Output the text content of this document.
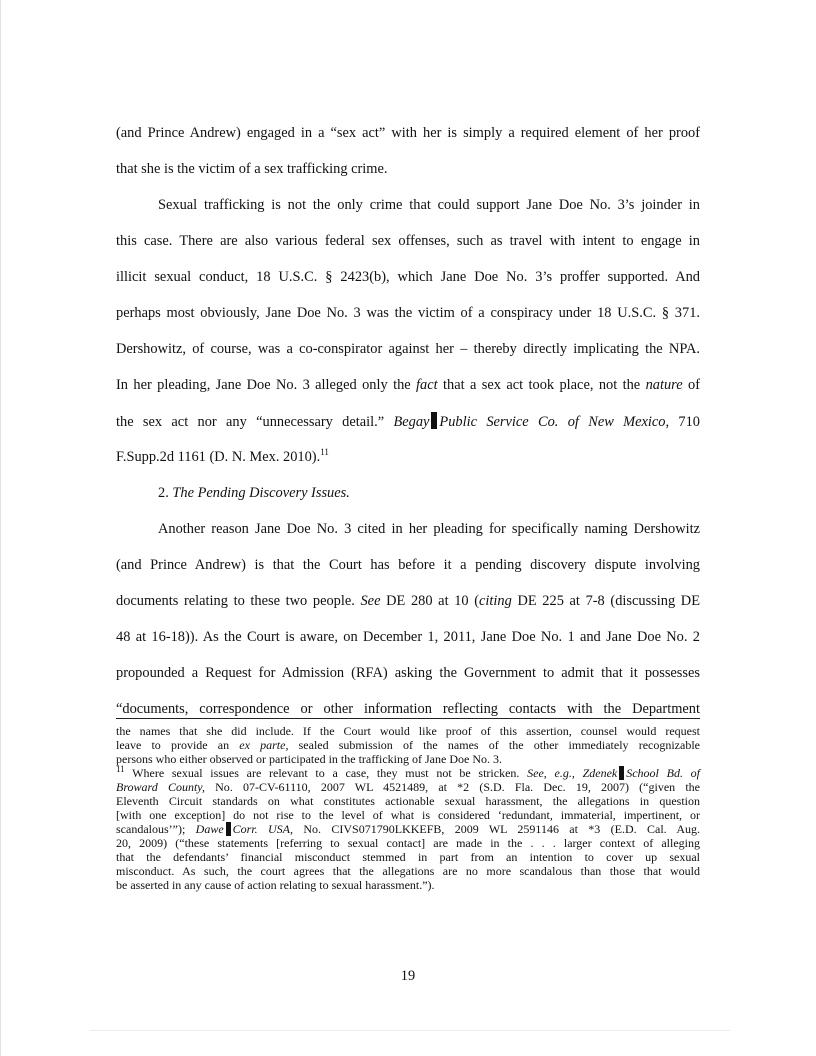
(and Prince Andrew) engaged in a “sex act” with her is simply a required element of her proof
that she is the victim of a sex trafficking crime.
Sexual trafficking is not the only crime that could support Jane Doe No. 3’s joinder in
this case. There are also various federal sex offenses, such as travel with intent to engage in
illicit sexual conduct, 18 U.S.C. § 2423(b), which Jane Doe No. 3’s proffer supported. And
perhaps most obviously, Jane Doe No. 3 was the victim of a conspiracy under 18 U.S.C. § 371.
Dershowitz, of course, was a co-conspirator against her – thereby directly implicating the NPA.
In her pleading, Jane Doe No. 3 alleged only the fact that a sex act took place, not the nature of
the sex act nor any “unnecessary detail.” Begay Public Service Co. of New Mexico, 710
F.Supp.2d 1161 (D. N. Mex. 2010).$^{11}$
2. The Pending Discovery Issues.
Another reason Jane Doe No. 3 cited in her pleading for specifically naming Dershowitz
(and Prince Andrew) is that the Court has before it a pending discovery dispute involving
documents relating to these two people. See DE 280 at 10 (citing DE 225 at 7-8 (discussing DE
48 at 16-18)). As the Court is aware, on December 1, 2011, Jane Doe No. 1 and Jane Doe No. 2
propounded a Request for Admission (RFA) asking the Government to admit that it possesses
“documents, correspondence or other information reflecting contacts with the Department
the names that she did include. If the Court would like proof of this assertion, counsel would request
leave to provide an ex parte, sealed submission of the names of the other immediately recognizable
persons who either observed or participated in the trafficking of Jane Doe No. 3.
$^{11}$ Where sexual issues are relevant to a case, they must not be stricken. See, e.g., Zdenek School Bd. of
Broward County, No. 07-CV-61110, 2007 WL 4521489, at *2 (S.D. Fla. Dec. 19, 2007) (“given the
Eleventh Circuit standards on what constitutes actionable sexual harassment, the allegations in question
[with one exception] do not rise to the level of what is considered ‘redundant, immaterial, impertinent, or
scandalous’”); Dawe Corr. USA, No. CIVS071790LKKEFB, 2009 WL 2591146 at *3 (E.D. Cal. Aug.
20, 2009) (“these statements [referring to sexual contact] are made in the . . . larger context of alleging
that the defendants’ financial misconduct stemmed in part from an intention to cover up sexual
misconduct. As such, the court agrees that the allegations are no more scandalous than those that would
be asserted in any cause of action relating to sexual harassment.”).
19
